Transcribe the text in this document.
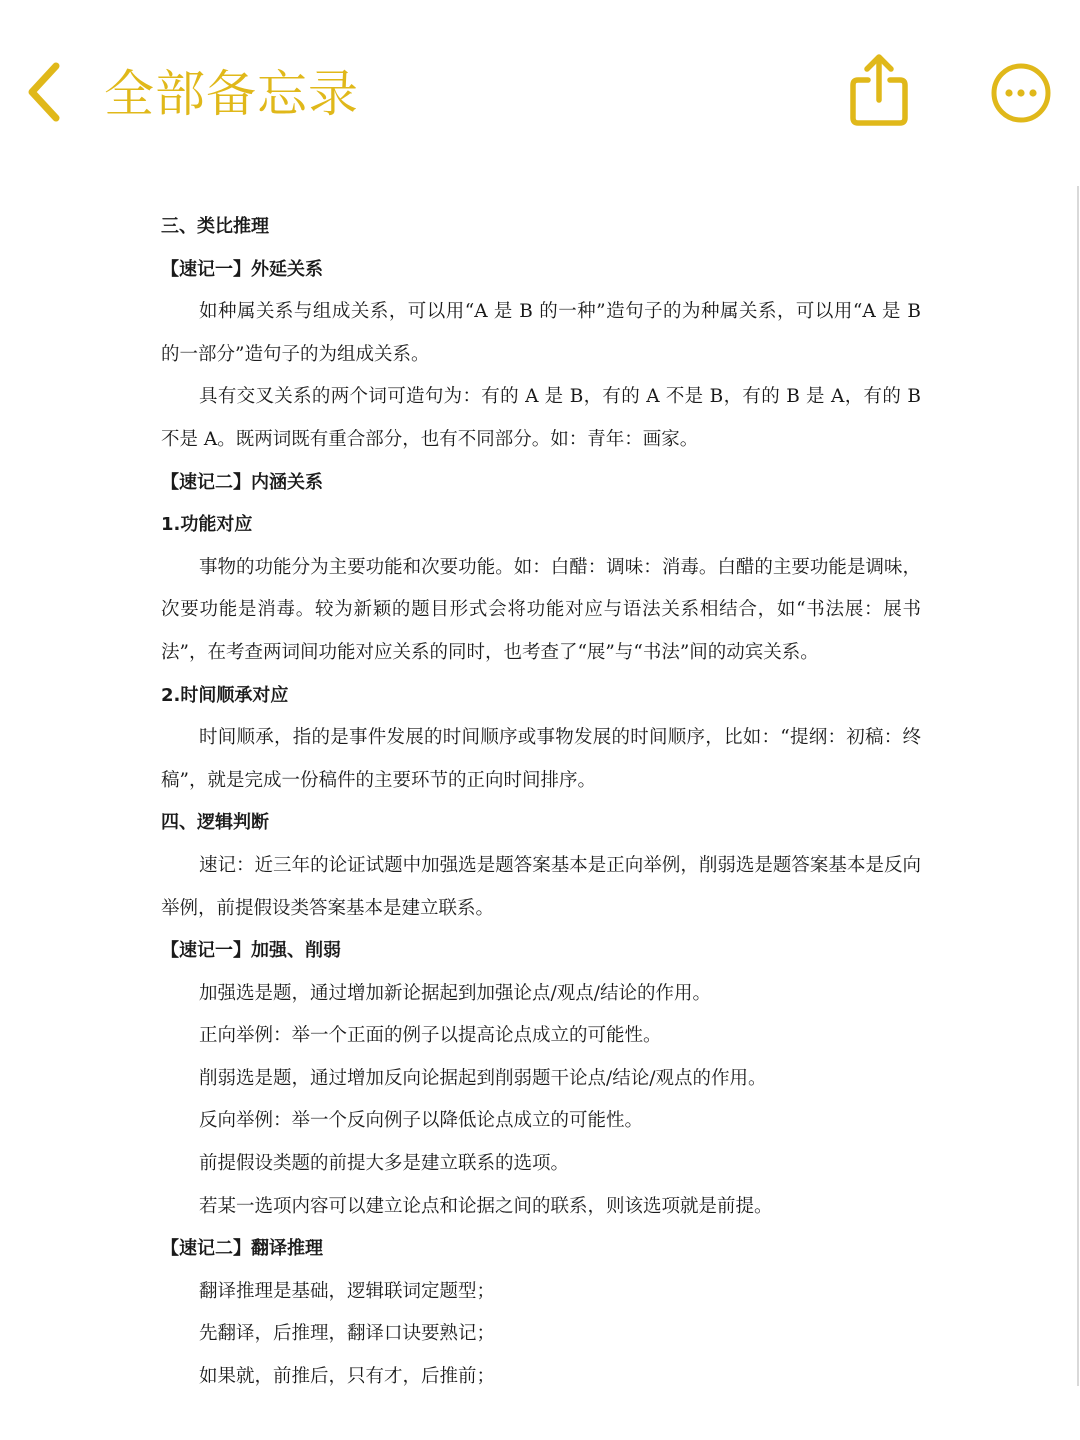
全部备忘录
三、类比推理
【速记一】外延关系
如种属关系与组成关系，可以用“A 是 B 的一种”造句子的为种属关系，可以用“A 是 B 的一部分”造句子的为组成关系。
具有交叉关系的两个词可造句为：有的 A 是 B，有的 A 不是 B，有的 B 是 A，有的 B 不是 A。既两词既有重合部分，也有不同部分。如：青年：画家。
【速记二】内涵关系
1.功能对应
事物的功能分为主要功能和次要功能。如：白醋：调味：消毒。白醋的主要功能是调味，次要功能是消毒。较为新颖的题目形式会将功能对应与语法关系相结合，如“书法展：展书法”，在考查两词间功能对应关系的同时，也考查了“展”与“书法”间的动宾关系。
2.时间顺承对应
时间顺承，指的是事件发展的时间顺序或事物发展的时间顺序，比如：“提纲：初稿：终稿”，就是完成一份稿件的主要环节的正向时间排序。
四、逻辑判断
速记：近三年的论证试题中加强选是题答案基本是正向举例，削弱选是题答案基本是反向举例，前提假设类答案基本是建立联系。
【速记一】加强、削弱
加强选是题，通过增加新论据起到加强论点/观点/结论的作用。
正向举例：举一个正面的例子以提高论点成立的可能性。
削弱选是题，通过增加反向论据起到削弱题干论点/结论/观点的作用。
反向举例：举一个反向例子以降低论点成立的可能性。
前提假设类题的前提大多是建立联系的选项。
若某一选项内容可以建立论点和论据之间的联系，则该选项就是前提。
【速记二】翻译推理
翻译推理是基础，逻辑联词定题型；
先翻译，后推理，翻译口诀要熟记；
如果就，前推后，只有才，后推前；
